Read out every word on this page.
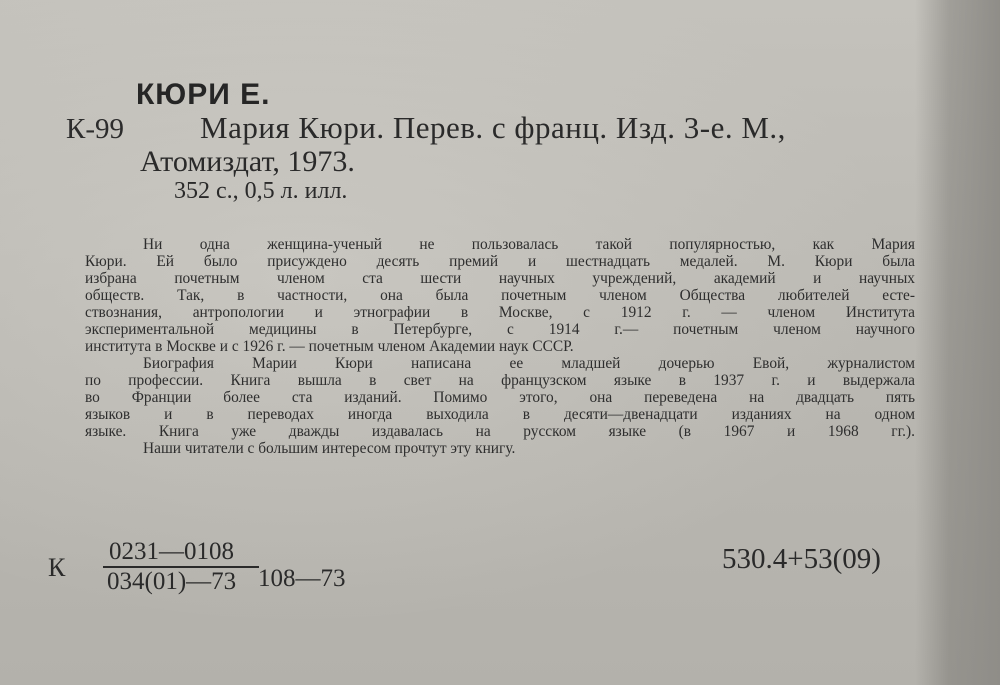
КЮРИ Е.
К-99 Мария Кюри. Перев. с франц. Изд. 3-е. М.,
Атомиздат, 1973.
352 с., 0,5 л. илл.
Ни одна женщина-ученый не пользовалась такой популярностью, как Мария
Кюри. Ей было присуждено десять премий и шестнадцать медалей. М. Кюри была
избрана почетным членом ста шести научных учреждений, академий и научных
обществ. Так, в частности, она была почетным членом Общества любителей есте-
ствознания, антропологии и этнографии в Москве, с 1912 г. — членом Института
экспериментальной медицины в Петербурге, с 1914 г.— почетным членом научного
института в Москве и с 1926 г. — почетным членом Академии наук СССР.
Биография Марии Кюри написана ее младшей дочерью Евой, журналистом
по профессии. Книга вышла в свет на французском языке в 1937 г. и выдержала
во Франции более ста изданий. Помимо этого, она переведена на двадцать пять
языков и в переводах иногда выходила в десяти—двенадцати изданиях на одном
языке. Книга уже дважды издавалась на русском языке (в 1967 и 1968 гг.).
Наши читатели с большим интересом прочтут эту книгу.
К $\frac{0231—0108}{034(01)—73}$ 108—73
530.4+53(09)
